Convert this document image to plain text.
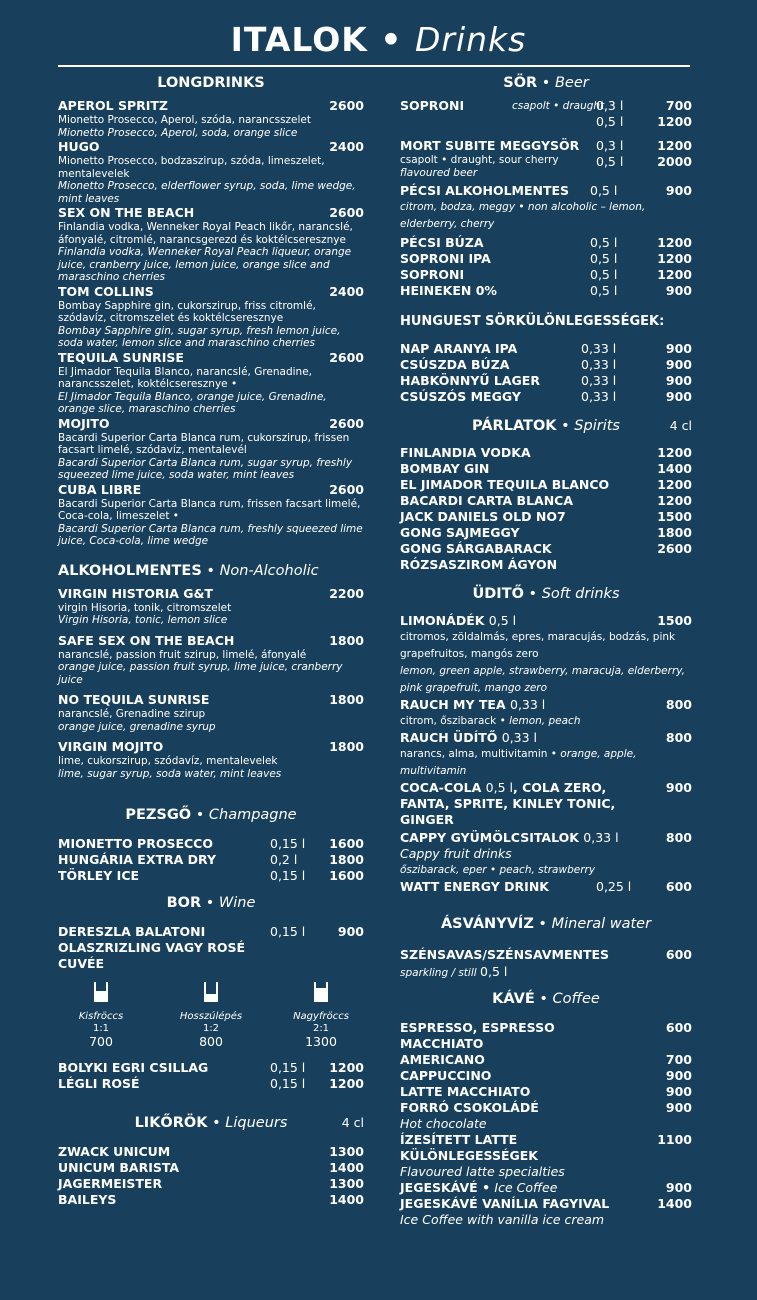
ITALOK • Drinks
LONGDRINKS
APEROL SPRITZ	2600
Mionetto Prosecco, Aperol, szóda, narancsszelet
Mionetto Prosecco, Aperol, soda, orange slice
HUGO	2400
Mionetto Prosecco, bodzaszirup, szóda, limeszelet, mentalevelek
Mionetto Prosecco, elderflower syrup, soda, lime wedge, mint leaves
SEX ON THE BEACH	2600
Finlandia vodka, Wenneker Royal Peach likőr, narancslé, áfonyalé, citromlé, narancsgerezd és koktélcseresznye
Finlandia vodka, Wenneker Royal Peach liqueur, orange juice, cranberry juice, lemon juice, orange slice and maraschino cherries
TOM COLLINS	2400
Bombay Sapphire gin, cukorszirup, friss citromlé, szódavíz, citromszelet és koktélcseresznye
Bombay Sapphire gin, sugar syrup, fresh lemon juice, soda water, lemon slice and maraschino cherries
TEQUILA SUNRISE	2600
El Jimador Tequila Blanco, narancslé, Grenadine, narancsszelet, koktélcseresznye •
El Jimador Tequila Blanco, orange juice, Grenadine, orange slice, maraschino cherries
MOJITO	2600
Bacardi Superior Carta Blanca rum, cukorszirup, frissen facsart limelé, szódavíz, mentalevél
Bacardi Superior Carta Blanca rum, sugar syrup, freshly squeezed lime juice, soda water, mint leaves
CUBA LIBRE	2600
Bacardi Superior Carta Blanca rum, frissen facsart limelé, Coca-cola, limeszelet •
Bacardi Superior Carta Blanca rum, freshly squeezed lime juice, Coca-cola, lime wedge
ALKOHOLMENTES • Non-Alcoholic
VIRGIN HISTORIA G&T	2200
virgin Hisoria, tonik, citromszelet
Virgin Hisoria, tonic, lemon slice
SAFE SEX ON THE BEACH	1800
narancslé, passion fruit szirup, limelé, áfonyalé
orange juice, passion fruit syrup, lime juice, cranberry juice
NO TEQUILA SUNRISE	1800
narancslé, Grenadine szirup
orange juice, grenadine syrup
VIRGIN MOJITO	1800
lime, cukorszirup, szódavíz, mentalevelek
lime, sugar syrup, soda water, mint leaves
PEZSGŐ • Champagne
MIONETTO PROSECCO	0,15 l 1600
HUNGÁRIA EXTRA DRY	0,2 l	1800
TÖRLEY ICE	0,15 l 1600
BOR • Wine
DERESZLA BALATONI OLASZRIZLING VAGY ROSÉ CUVÉE
0,15 l	900
Kisfröccs
1:1
700
Hosszúlépés
1:2
800
Nagyfröccs
2:1
1300
BOLYKI EGRI CSILLAG	0,15 l 1200
LÉGLI ROSÉ	0,15 l 1200
LIKŐRÖK • Liqueurs	4 cl
ZWACK UNICUM	1300
UNICUM BARISTA	1400
JAGERMEISTER	1300
BAILEYS	1400
SÖR • Beer
SOPRONI	0,3 l	700
csapolt • draught

0,5 l	1200
MORT SUBITE MEGGYSÖR	0,3 l	1200
csapolt • draught, sour cherry	0,5 l	2000
flavoured beer
PÉCSI ALKOHOLMENTES	0,5 l	900
citrom, bodza, meggy • non alcoholic – lemon, elderberry, cherry
PÉCSI BÚZA	0,5 l	1200
SOPRONI IPA	0,5 l	1200
SOPRONI	0,5 l	1200
HEINEKEN 0%	0,5 l	900
HUNGUEST SÖRKÜLÖNLEGESSÉGEK:
NAP ARANYA IPA	0,33 l	900
CSÚSZDA BÚZA	0,33 l	900
HABKÖNNYŰ LAGER	0,33 l	900
CSÚSZÓS MEGGY	0,33 l	900
PÁRLATOK • Spirits	4 cl
FINLANDIA VODKA	1200
BOMBAY GIN	1400
EL JIMADOR TEQUILA BLANCO	1200
BACARDI CARTA BLANCA	1200
JACK DANIELS OLD NO7	1500
GONG SAJMEGGY	1800
GONG SÁRGABARACK RÓZSASZIROM ÁGYON
2600
ÜDITŐ • Soft drinks
LIMONÁDÉK 0,5 l	1500
citromos, zöldalmás, epres, maracujás, bodzás, pink grapefruitos, mangós zero
lemon, green apple, strawberry, maracuja, elderberry, pink grapefruit, mango zero
RAUCH MY TEA 0,33 l	800
citrom, őszibarack • lemon, peach
RAUCH ÜDÍTŐ 0,33 l	800
narancs, alma, multivitamin • orange, apple, multivitamin
COCA-COLA 0,5 l, COLA ZERO, FANTA, SPRITE, KINLEY TONIC, GINGER
900
CAPPY GYÜMÖLCSITALOK 0,33 l	800
Cappy fruit drinks
őszibarack, eper • peach, strawberry
WATT ENERGY DRINK	0,25 l	600
ÁSVÁNYVÍZ • Mineral water
SZÉNSAVAS/SZÉNSAVMENTES	600
sparkling / still 0,5 l
KÁVÉ • Coffee
ESPRESSO, ESPRESSO MACCHIATO
600
AMERICANO	700
CAPPUCCINO	900
LATTE MACCHIATO	900
FORRÓ CSOKOLÁDÉ	900
Hot chocolate
ÍZESÍTETT LATTE KÜLÖNLEGESSÉGEK
1100
Flavoured latte specialties
JEGESKÁVÉ • Ice Coffee	900
JEGESKÁVÉ VANÍLIA FAGYIVAL	1400
Ice Coffee with vanilla ice cream
